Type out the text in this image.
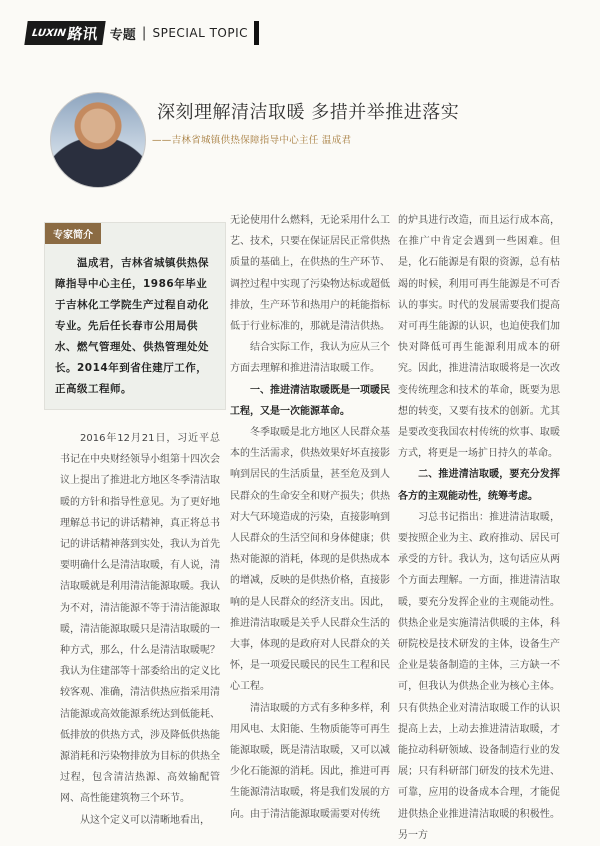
LUXIN 路讯 专题 | SPECIAL TOPIC
深刻理解清洁取暖 多措并举推进落实
——吉林省城镇供热保障指导中心主任 温成君
专家简介
温成君，吉林省城镇供热保障指导中心主任，1986年毕业于吉林化工学院生产过程自动化专业。先后任长春市公用局供水、燃气管理处、供热管理处处长。2014年到省住建厅工作，正高级工程师。

2016年12月21日，习近平总书记在中央财经领导小组第十四次会议上提出了推进北方地区冬季清洁取暖的方针和指导性意见。为了更好地理解总书记的讲话精神，真正将总书记的讲话精神落到实处，我认为首先要明确什么是清洁取暖，有人说，清洁取暖就是利用清洁能源取暖。我认为不对，清洁能源不等于清洁能源取暖，清洁能源取暖只是清洁取暖的一种方式，那么，什么是清洁取暖呢？我认为住建部等十部委给出的定义比较客观、准确，清洁供热应指采用清洁能源或高效能源系统达到低能耗、低排放的供热方式，涉及降低供热能源消耗和污染物排放为目标的供热全过程，包含清洁热源、高效输配管网、高性能建筑物三个环节。

从这个定义可以清晰地看出，

无论使用什么燃料，无论采用什么工艺、技术，只要在保证居民正常供热质量的基础上，在供热的生产环节、调控过程中实现了污染物达标或超低排放，生产环节和热用户的耗能指标低于行业标准的，那就是清洁供热。

结合实际工作，我认为应从三个方面去理解和推进清洁取暖工作。

一、推进清洁取暖既是一项暖民工程，又是一次能源革命。

冬季取暖是北方地区人民群众基本的生活需求，供热效果好坏直接影响到居民的生活质量，甚至危及到人民群众的生命安全和财产损失；供热对大气环境造成的污染，直接影响到人民群众的生活空间和身体健康；供热对能源的消耗，体现的是供热成本的增减，反映的是供热价格，直接影响的是人民群众的经济支出。因此，推进清洁取暖是关乎人民群众生活的大事，体现的是政府对人民群众的关怀，是一项爱民暖民的民生工程和民心工程。

清洁取暖的方式有多种多样，利用风电、太阳能、生物质能等可再生能源取暖，既是清洁取暖，又可以减少化石能源的消耗。因此，推进可再生能源清洁取暖，将是我们发展的方向。由于清洁能源取暖需要对传统

的炉具进行改造，而且运行成本高，在推广中肯定会遇到一些困难。但是，化石能源是有限的资源，总有枯竭的时候，利用可再生能源是不可否认的事实。时代的发展需要我们提高对可再生能源的认识，也迫使我们加快对降低可再生能源利用成本的研究。因此，推进清洁取暖将是一次改变传统理念和技术的革命，既要为思想的转变，又要有技术的创新。尤其是要改变我国农村传统的炊事、取暖方式，将更是一场扩日持久的革命。

二、推进清洁取暖，要充分发挥各方的主观能动性，统筹考虑。

习总书记指出：推进清洁取暖，要按照企业为主、政府推动、居民可承受的方针。我认为，这句话应从两个方面去理解。一方面，推进清洁取暖，要充分发挥企业的主观能动性。供热企业是实施清洁供暖的主体，科研院校是技术研发的主体，设备生产企业是装备制造的主体，三方缺一不可，但我认为供热企业为核心主体。只有供热企业对清洁取暖工作的认识提高上去，上动去推进清洁取暖，才能拉动科研领域、设备制造行业的发展；只有科研部门研发的技术先进、可靠，应用的设备成本合理，才能促进供热企业推进清洁取暖的积极性。另一方
